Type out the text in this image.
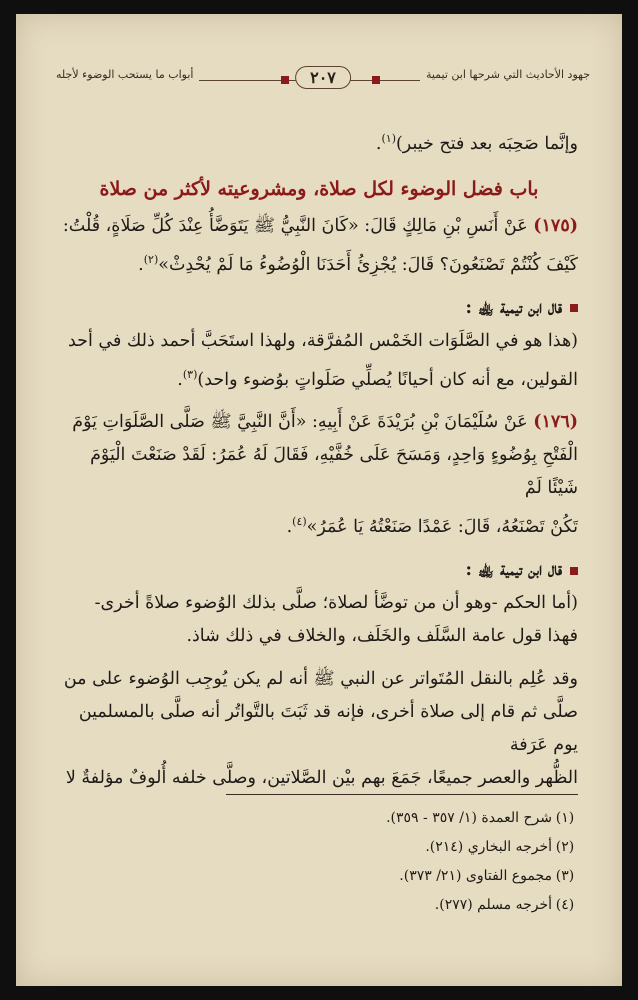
جهود الأحاديث التي شرحها ابن تيمية
٢٠٧
أبواب ما يستحب الوضوء لأجله

وإنَّما صَحِبَه بعد فتح خيبر)$^{(١)}$.

باب فضل الوضوء لكل صلاة، ومشروعيته لأكثر من صلاة

(١٧٥) عَنْ أَنَسِ بْنِ مَالِكٍ قَالَ: «كَانَ النَّبِيُّ ﷺ يَتَوَضَّأُ عِنْدَ كُلِّ صَلَاةٍ، قُلْتُ:

كَيْفَ كُنْتُمْ تَصْنَعُونَ؟ قَالَ: يُجْزِئُ أَحَدَنَا الْوُضُوءُ مَا لَمْ يُحْدِثْ»$^{(٢)}$.

قال ابن تيمية ﵀ :

(هذا هو في الصَّلَوَات الخَمْس المُفرَّقة، ولهذا استَحَبَّ أحمد ذلك في أحد

القولين، مع أنه كان أحيانًا يُصلِّي صَلَواتٍ بوُضوء واحد)$^{(٣)}$.

(١٧٦) عَنْ سُلَيْمَانَ بْنِ بُرَيْدَةَ عَنْ أَبِيهِ: «أَنَّ النَّبِيَّ ﷺ صَلَّى الصَّلَوَاتِ يَوْمَ

الْفَتْحِ بِوُضُوءٍ وَاحِدٍ، وَمَسَحَ عَلَى خُفَّيْهِ، فَقَالَ لَهُ عُمَرُ: لَقَدْ صَنَعْتَ الْيَوْمَ شَيْئًا لَمْ

تَكُنْ تَصْنَعُهُ، قَالَ: عَمْدًا صَنَعْتُهُ يَا عُمَرُ»$^{(٤)}$.

قال ابن تيمية ﵀ :

(أما الحكم -وهو أن من توضَّأ لصلاة؛ صلَّى بذلك الوُضوء صلاةً أخرى-

فهذا قول عامة السَّلَف والخَلَف، والخلاف في ذلك شاذ.

وقد عُلِم بالنقل المُتَواتر عن النبي ﷺ أنه لم يكن يُوجِب الوُضوء على من

صلَّى ثم قام إلى صلاة أخرى، فإنه قد ثَبَتَ بالتَّواتُر أنه صلَّى بالمسلمين يوم عَرَفة

الظُّهر والعصر جميعًا، جَمَعَ بهم بيْن الصَّلاتين، وصلَّى خلفه أُلوفٌ مؤلفةٌ لا

(١)شرح العمدة (١/ ٣٥٧ - ٣٥٩).
(٢)أخرجه البخاري (٢١٤).
(٣)مجموع الفتاوى (٢١/ ٣٧٣).
(٤)أخرجه مسلم (٢٧٧).
